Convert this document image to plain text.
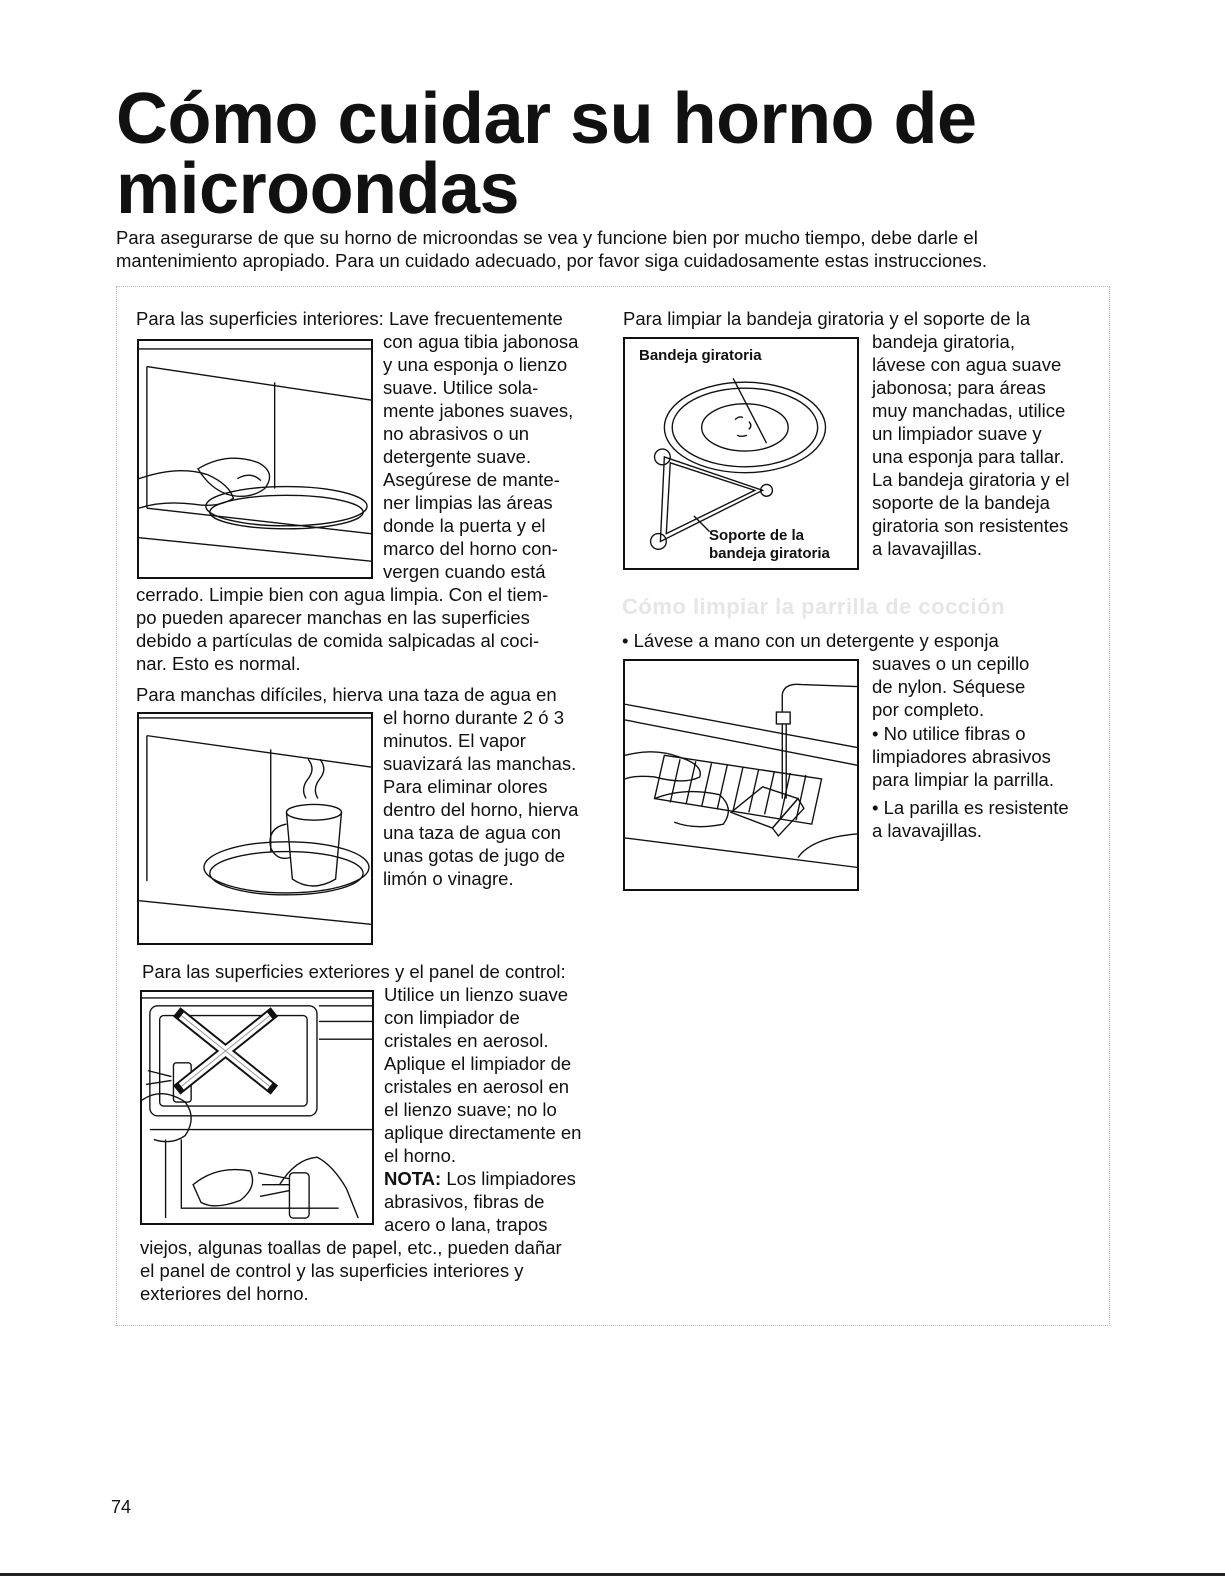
Cómo cuidar su horno de
microondas

Para asegurarse de que su horno de microondas se vea y funcione bien por mucho tiempo, debe darle el
mantenimiento apropiado. Para un cuidado adecuado, por favor siga cuidadosamente estas instrucciones.

Para las superficies interiores: Lave frecuentemente

con agua tibia jabonosa

y una esponja o lienzo

suave. Utilice sola-

mente jabones suaves,

no abrasivos o un

detergente suave.

Asegúrese de mante-

ner limpias las áreas

donde la puerta y el

marco del horno con-

vergen cuando está

cerrado. Limpie bien con agua limpia. Con el tiem-

po pueden aparecer manchas en las superficies

debido a partículas de comida salpicadas al coci-

nar. Esto es normal.

Para manchas difíciles, hierva una taza de agua en

el horno durante 2 ó 3

minutos. El vapor

suavizará las manchas.

Para eliminar olores

dentro del horno, hierva

una taza de agua con

unas gotas de jugo de

limón o vinagre.

Para las superficies exteriores y el panel de control:

Utilice un lienzo suave

con limpiador de

cristales en aerosol.

Aplique el limpiador de

cristales en aerosol en

el lienzo suave; no lo

aplique directamente en

el horno.

NOTA: Los limpiadores

abrasivos, fibras de

acero o lana, trapos

viejos, algunas toallas de papel, etc., pueden dañar

el panel de control y las superficies interiores y

exteriores del horno.

Para limpiar la bandeja giratoria y el soporte de la

bandeja giratoria,

lávese con agua suave

jabonosa; para áreas

muy manchadas, utilice

un limpiador suave y

una esponja para tallar.

La bandeja giratoria y el

soporte de la bandeja

giratoria son resistentes

a lavavajillas.

Bandeja giratoria
Soporte de la
bandeja giratoria
Cómo limpiar la parrilla de cocción

• Lávese a mano con un detergente y esponja

suaves o un cepillo

de nylon. Séquese

por completo.

• No utilice fibras o

limpiadores abrasivos

para limpiar la parrilla.

• La parilla es resistente

a lavavajillas.

74
